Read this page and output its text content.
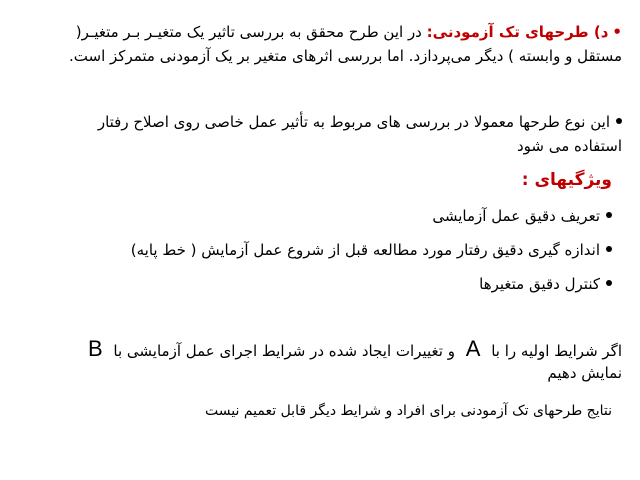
•د) طرحهای تک آزمودنی: در این طرح محقق به بررسی تاثیر یک متغیـر بـر متغیـر( مستقل و وابسته ) دیگر می‌پردازد. اما بررسی اثرهای متغیر بر یک آزمودنی متمرکز است.
این نوع طرحها معمولا در بررسی های مربوط به تأثیر عمل خاصی روی اصلاح رفتار استفاده می شود
ویژگیهای :
تعریف دقیق عمل آزمایشی
اندازه گیری دقیق رفتار مورد مطالعه قبل از شروع عمل آزمایش ( خط پایه)
کنترل دقیق متغیرها
اگر شرایط اولیه را با A و تغییرات ایجاد شده در شرایط اجرای عمل آزمایشی با B نمایش دهیم
نتایج طرحهای تک آزمودنی برای افراد و شرایط دیگر قابل تعمیم نیست
